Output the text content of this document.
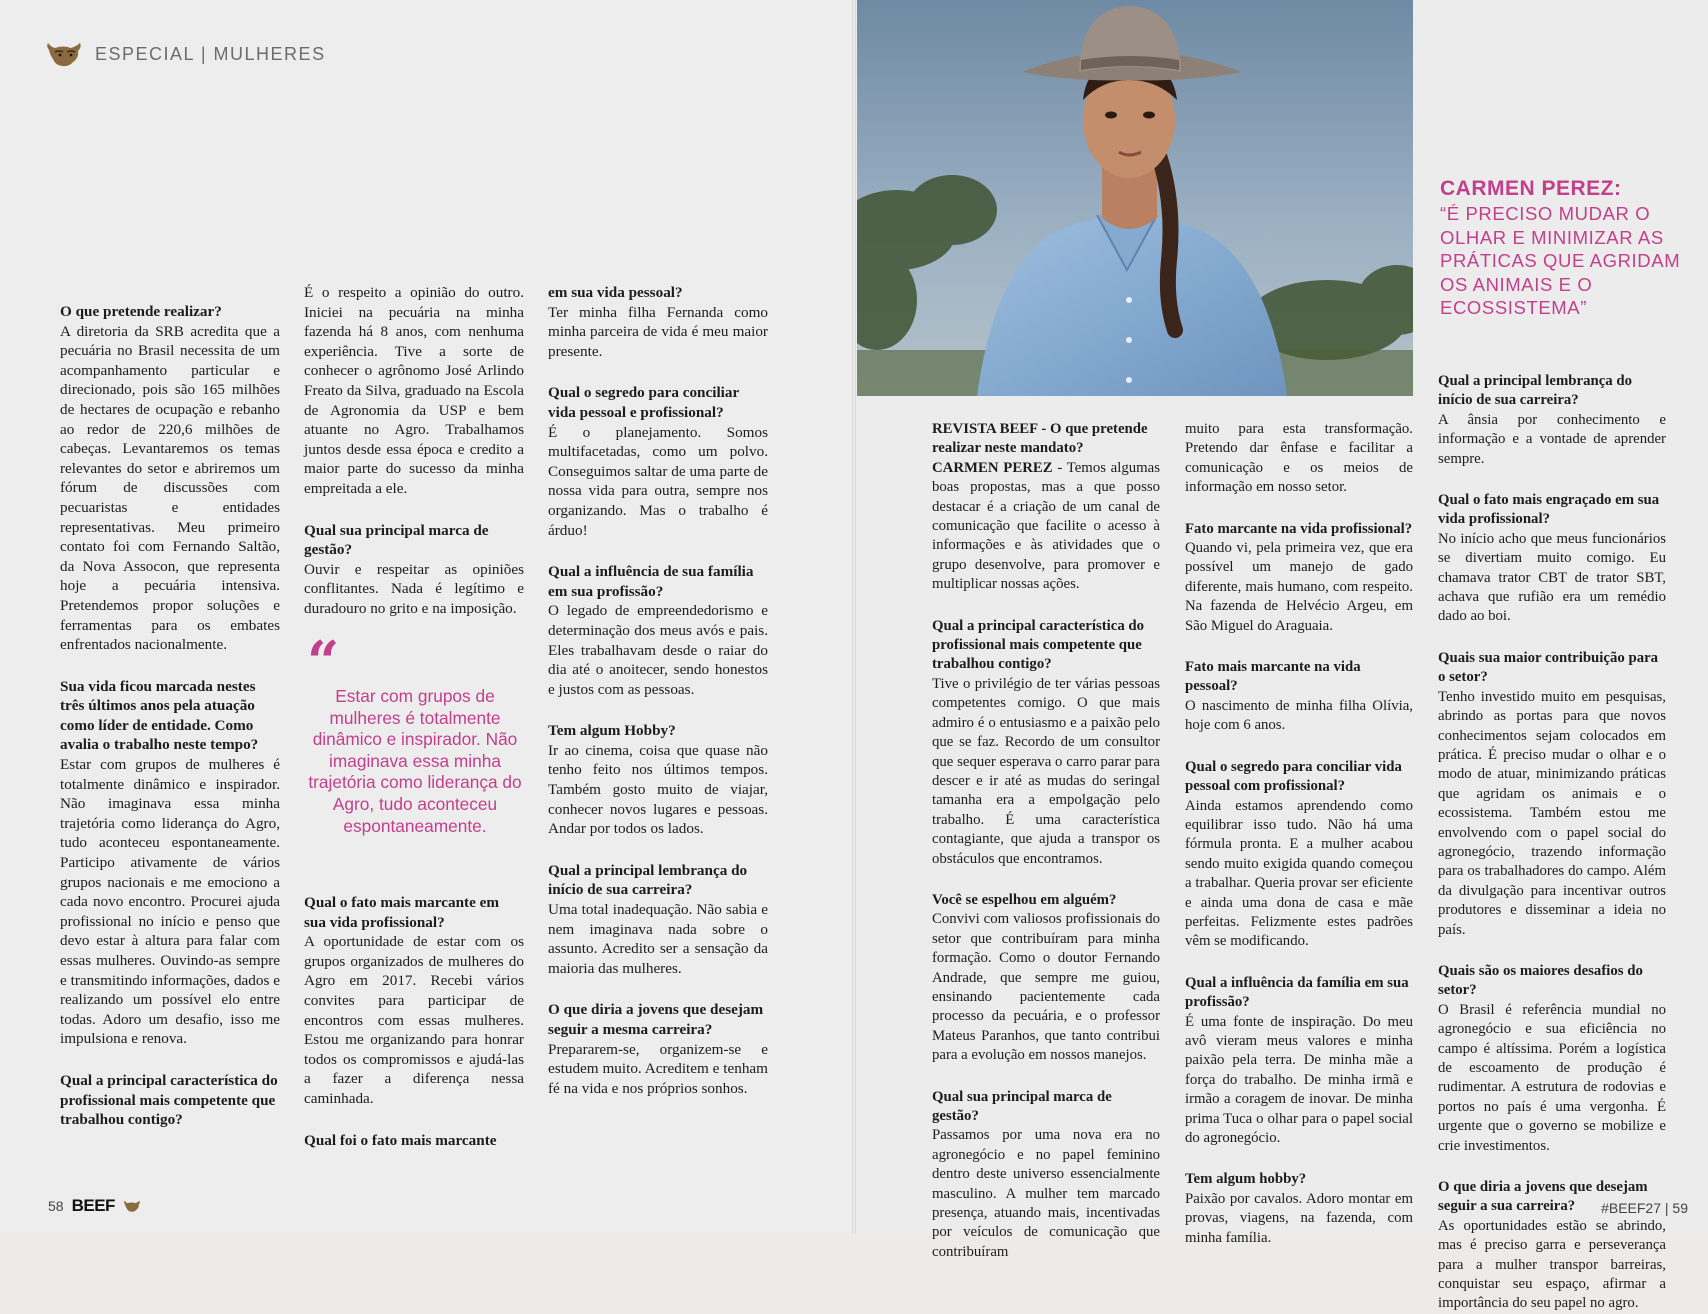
ESPECIAL | MULHERES

O que pretende realizar?
A diretoria da SRB acredita que a pecuária no Brasil necessita de um acompanhamento particular e direcionado, pois são 165 milhões de hectares de ocupação e rebanho ao redor de 220,6 milhões de cabeças. Levantaremos os temas relevantes do setor e abriremos um fórum de discussões com pecuaristas e entidades representativas. Meu primeiro contato foi com Fernando Saltão, da Nova Assocon, que representa hoje a pecuária intensiva. Pretendemos propor soluções e ferramentas para os embates enfrentados nacionalmente.

Sua vida ficou marcada nestes três últimos anos pela atuação como líder de entidade. Como avalia o trabalho neste tempo?
Estar com grupos de mulheres é totalmente dinâmico e inspirador. Não imaginava essa minha trajetória como liderança do Agro, tudo aconteceu espontaneamente. Participo ativamente de vários grupos nacionais e me emociono a cada novo encontro. Procurei ajuda profissional no início e penso que devo estar à altura para falar com essas mulheres. Ouvindo-as sempre e transmitindo informações, dados e realizando um possível elo entre todas. Adoro um desafio, isso me impulsiona e renova.

Qual a principal característica do profissional mais competente que trabalhou contigo?

É o respeito a opinião do outro. Iniciei na pecuária na minha fazenda há 8 anos, com nenhuma experiência. Tive a sorte de conhecer o agrônomo José Arlindo Freato da Silva, graduado na Escola de Agronomia da USP e bem atuante no Agro. Trabalhamos juntos desde essa época e credito a maior parte do sucesso da minha empreitada a ele.

Qual sua principal marca de gestão?
Ouvir e respeitar as opiniões conflitantes. Nada é legítimo e duradouro no grito e na imposição.

Qual o fato mais marcante em sua vida profissional?
A oportunidade de estar com os grupos organizados de mulheres do Agro em 2017. Recebi vários convites para participar de encontros com essas mulheres. Estou me organizando para honrar todos os compromissos e ajudá-las a fazer a diferença nessa caminhada.

Qual foi o fato mais marcante

em sua vida pessoal?
Ter minha filha Fernanda como minha parceira de vida é meu maior presente.

Qual o segredo para conciliar vida pessoal e profissional?
É o planejamento. Somos multifacetadas, como um polvo. Conseguimos saltar de uma parte de nossa vida para outra, sempre nos organizando. Mas o trabalho é árduo!

Qual a influência de sua família em sua profissão?
O legado de empreendedorismo e determinação dos meus avós e pais. Eles trabalhavam desde o raiar do dia até o anoitecer, sendo honestos e justos com as pessoas.

Tem algum Hobby?
Ir ao cinema, coisa que quase não tenho feito nos últimos tempos. Também gosto muito de viajar, conhecer novos lugares e pessoas. Andar por todos os lados.

Qual a principal lembrança do início de sua carreira?
Uma total inadequação. Não sabia e nem imaginava nada sobre o assunto. Acredito ser a sensação da maioria das mulheres.

O que diria a jovens que desejam seguir a mesma carreira?
Prepararem-se, organizem-se e estudem muito. Acreditem e tenham fé na vida e nos próprios sonhos.

“
Estar com grupos de mulheres é totalmente dinâmico e inspirador. Não imaginava essa minha trajetória como liderança do Agro, tudo aconteceu espontaneamente.
CARMEN PEREZ:
“É PRECISO MUDAR O OLHAR E MINIMIZAR AS PRÁTICAS QUE AGRIDAM OS ANIMAIS E O ECOSSISTEMA”

REVISTA BEEF - O que pretende realizar neste mandato?
CARMEN PEREZ - Temos algumas boas propostas, mas a que posso destacar é a criação de um canal de comunicação que facilite o acesso à informações e às atividades que o grupo desenvolve, para promover e multiplicar nossas ações.

Qual a principal característica do profissional mais competente que trabalhou contigo?
Tive o privilégio de ter várias pessoas competentes comigo. O que mais admiro é o entusiasmo e a paixão pelo que se faz. Recordo de um consultor que sequer esperava o carro parar para descer e ir até as mudas do seringal tamanha era a empolgação pelo trabalho. É uma característica contagiante, que ajuda a transpor os obstáculos que encontramos.

Você se espelhou em alguém?
Convivi com valiosos profissionais do setor que contribuíram para minha formação. Como o doutor Fernando Andrade, que sempre me guiou, ensinando pacientemente cada processo da pecuária, e o professor Mateus Paranhos, que tanto contribui para a evolução em nossos manejos.

Qual sua principal marca de gestão?
Passamos por uma nova era no agronegócio e no papel feminino dentro deste universo essencialmente masculino. A mulher tem marcado presença, atuando mais, incentivadas por veículos de comunicação que contribuíram

muito para esta transformação. Pretendo dar ênfase e facilitar a comunicação e os meios de informação em nosso setor.

Fato marcante na vida profissional?
Quando vi, pela primeira vez, que era possível um manejo de gado diferente, mais humano, com respeito. Na fazenda de Helvécio Argeu, em São Miguel do Araguaia.

Fato mais marcante na vida pessoal?
O nascimento de minha filha Olívia, hoje com 6 anos.

Qual o segredo para conciliar vida pessoal com profissional?
Ainda estamos aprendendo como equilibrar isso tudo. Não há uma fórmula pronta. E a mulher acabou sendo muito exigida quando começou a trabalhar. Queria provar ser eficiente e ainda uma dona de casa e mãe perfeitas. Felizmente estes padrões vêm se modificando.

Qual a influência da família em sua profissão?
É uma fonte de inspiração. Do meu avô vieram meus valores e minha paixão pela terra. De minha mãe a força do trabalho. De minha irmã e irmão a coragem de inovar. De minha prima Tuca o olhar para o papel social do agronegócio.

Tem algum hobby?
Paixão por cavalos. Adoro montar em provas, viagens, na fazenda, com minha família.

Qual a principal lembrança do início de sua carreira?
A ânsia por conhecimento e informação e a vontade de aprender sempre.

Qual o fato mais engraçado em sua vida profissional?
No início acho que meus funcionários se divertiam muito comigo. Eu chamava trator CBT de trator SBT, achava que rufião era um remédio dado ao boi.

Quais sua maior contribuição para o setor?
Tenho investido muito em pesquisas, abrindo as portas para que novos conhecimentos sejam colocados em prática. É preciso mudar o olhar e o modo de atuar, minimizando práticas que agridam os animais e o ecossistema. Também estou me envolvendo com o papel social do agronegócio, trazendo informação para os trabalhadores do campo. Além da divulgação para incentivar outros produtores e disseminar a ideia no país.

Quais são os maiores desafios do setor?
O Brasil é referência mundial no agronegócio e sua eficiência no campo é altíssima. Porém a logística de escoamento de produção é rudimentar. A estrutura de rodovias e portos no país é uma vergonha. É urgente que o governo se mobilize e crie investimentos.

O que diria a jovens que desejam seguir a sua carreira?
As oportunidades estão se abrindo, mas é preciso garra e perseverança para a mulher transpor barreiras, conquistar seu espaço, afirmar a importância do seu papel no agro.

58 BEEF	#BEEF27 | 59
